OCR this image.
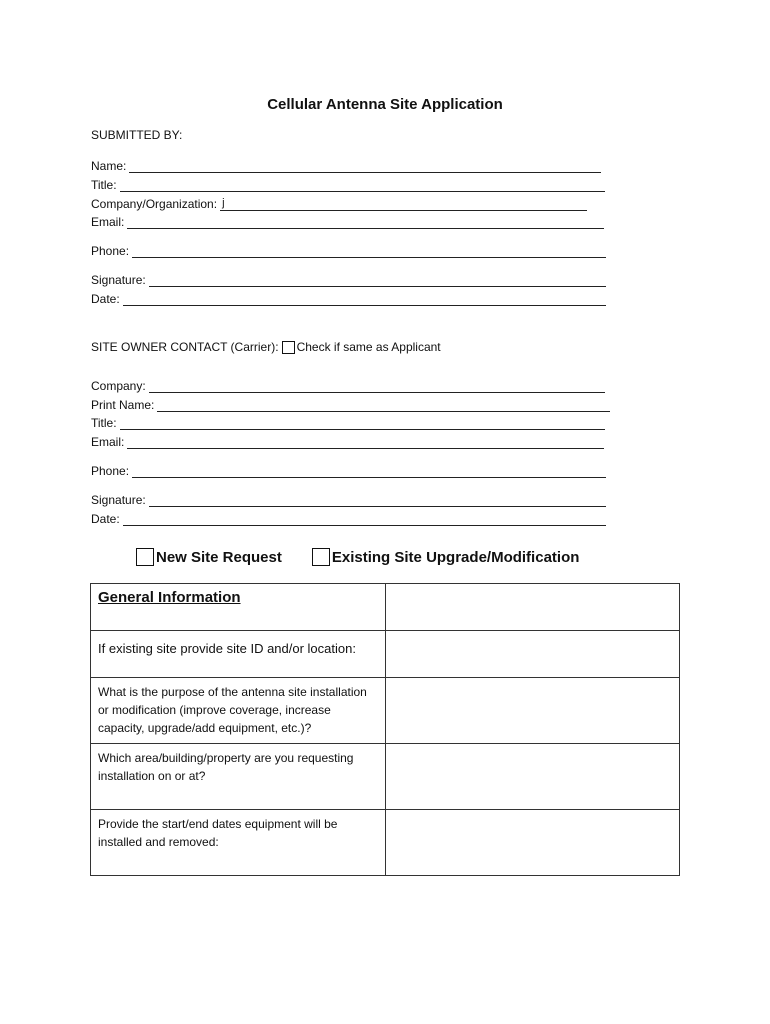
Cellular Antenna Site Application
SUBMITTED BY:
Name:
Title:
Company/Organization: j
Email:
Phone:
Signature:
Date:
SITE OWNER CONTACT (Carrier): Check if same as Applicant
Company:
Print Name:
Title:
Email:
Phone:
Signature:
Date:
New Site Request	Existing Site Upgrade/Modification
General Information	
If existing site provide site ID and/or location:	
What is the purpose of the antenna site installation or modification (improve coverage, increase capacity, upgrade/add equipment, etc.)?	
Which area/building/property are you requesting installation on or at?	
Provide the start/end dates equipment will be installed and removed:	
